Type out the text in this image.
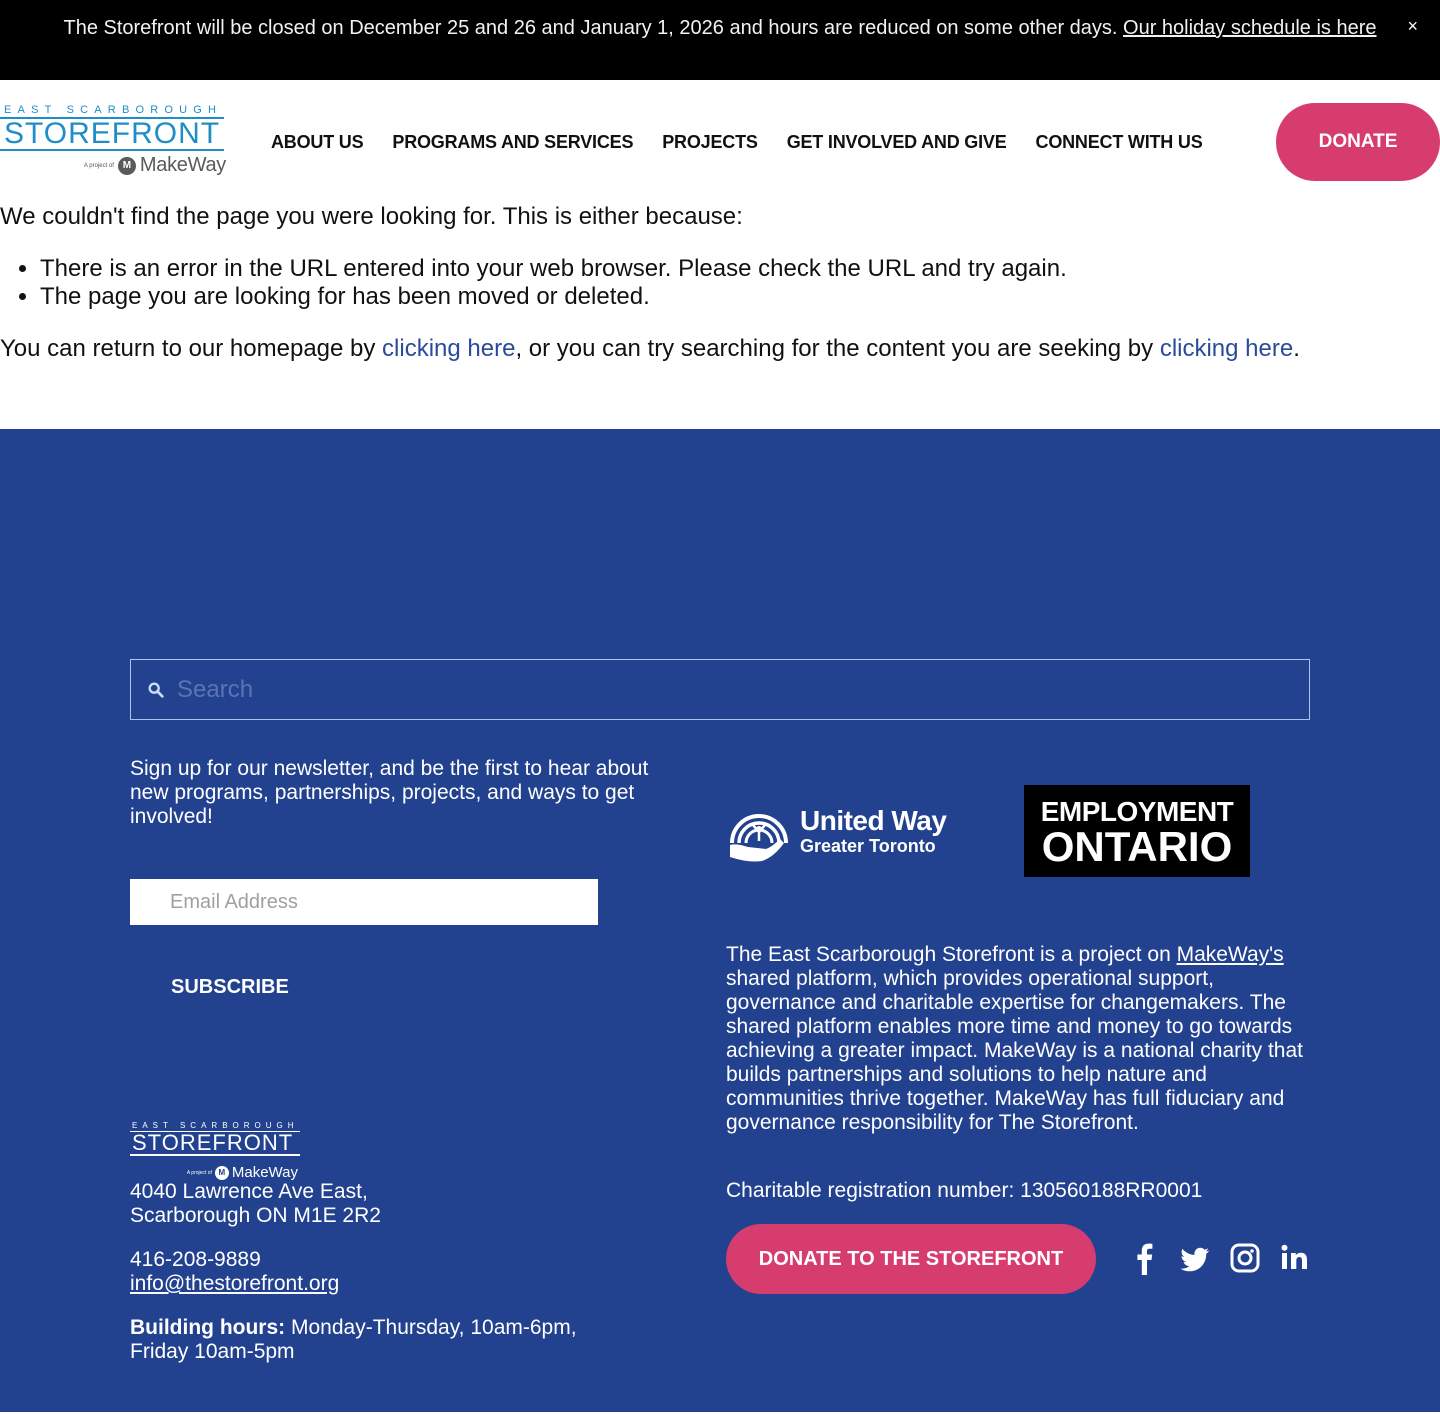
The Storefront will be closed on December 25 and 26 and January 1, 2026 and hours are reduced on some other days. Our holiday schedule is here ×
EAST SCARBOROUGH
STOREFRONT
A project of M MakeWay
ABOUT US PROGRAMS AND SERVICES PROJECTS GET INVOLVED AND GIVE CONNECT WITH US	DONATE

We couldn't find the page you were looking for. This is either because:

• There is an error in the URL entered into your web browser. Please check the URL and try again.
• The page you are looking for has been moved or deleted.

You can return to our homepage by clicking here, or you can try searching for the content you are seeking by clicking here.

Search

Sign up for our newsletter, and be the first to hear about new programs, partnerships, projects, and ways to get involved!

Email Address
SUBSCRIBE
United Way
Greater Toronto
EMPLOYMENT
ONTARIO

The East Scarborough Storefront is a project on MakeWay's shared platform, which provides operational support, governance and charitable expertise for changemakers. The shared platform enables more time and money to go towards achieving a greater impact. MakeWay is a national charity that builds partnerships and solutions to help nature and communities thrive together. MakeWay has full fiduciary and governance responsibility for The Storefront.

Charitable registration number: 130560188RR0001

DONATE TO THE STOREFRONT
EAST SCARBOROUGH
STOREFRONT
A project of M MakeWay
4040 Lawrence Ave East,
Scarborough ON M1E 2R2
416-208-9889
info@thestorefront.org
Building hours: Monday-Thursday, 10am-6pm,
Friday 10am-5pm
